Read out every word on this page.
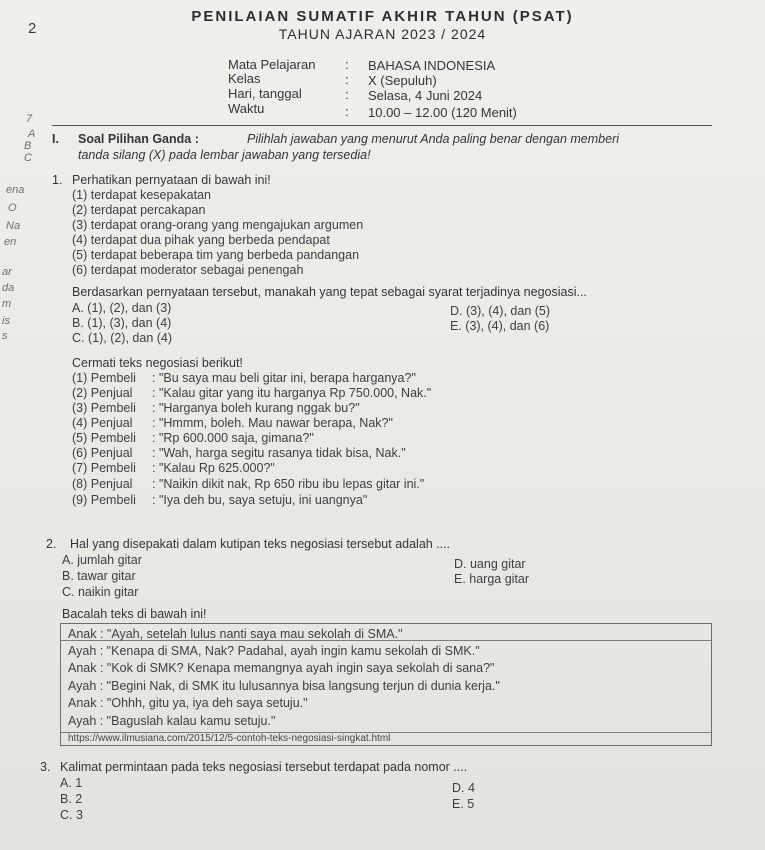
2
PENILAIAN SUMATIF AKHIR TAHUN (PSAT)
TAHUN AJARAN 2023 / 2024
Mata Pelajaran : BAHASA INDONESIA
Kelas	: X (Sepuluh)
Hari, tanggal	: Selasa, 4 Juni 2024
Waktu	: 10.00 – 12.00 (120 Menit)
7
A
B
C
ena
O
Na
en
ar
da
m
is
s
I. Soal Pilihan Ganda :	Pilihlah jawaban yang menurut Anda paling benar dengan memberi
tanda silang (X) pada lembar jawaban yang tersedia!
1. Perhatikan pernyataan di bawah ini!
(1) terdapat kesepakatan
(2) terdapat percakapan
(3) terdapat orang-orang yang mengajukan argumen
(4) terdapat dua pihak yang berbeda pendapat
(5) terdapat beberapa tim yang berbeda pandangan
(6) terdapat moderator sebagai penengah
Berdasarkan pernyataan tersebut, manakah yang tepat sebagai syarat terjadinya negosiasi...
A. (1), (2), dan (3)
B. (1), (3), dan (4)
C. (1), (2), dan (4)
D. (3), (4), dan (5)
E. (3), (4), dan (6)
Cermati teks negosiasi berikut!
(1) Pembeli : "Bu saya mau beli gitar ini, berapa harganya?"
(2) Penjual : "Kalau gitar yang itu harganya Rp 750.000, Nak."
(3) Pembeli : "Harganya boleh kurang nggak bu?"
(4) Penjual : "Hmmm, boleh. Mau nawar berapa, Nak?"
(5) Pembeli : "Rp 600.000 saja, gimana?"
(6) Penjual : "Wah, harga segitu rasanya tidak bisa, Nak."
(7) Pembeli : "Kalau Rp 625.000?"
(8) Penjual : "Naikin dikit nak, Rp 650 ribu ibu lepas gitar ini."
(9) Pembeli : "Iya deh bu, saya setuju, ini uangnya"
2. Hal yang disepakati dalam kutipan teks negosiasi tersebut adalah ....
A. jumlah gitar
B. tawar gitar
C. naikin gitar
D. uang gitar
E. harga gitar
Bacalah teks di bawah ini!
Anak : "Ayah, setelah lulus nanti saya mau sekolah di SMA."
Ayah : "Kenapa di SMA, Nak? Padahal, ayah ingin kamu sekolah di SMK."
Anak : "Kok di SMK? Kenapa memangnya ayah ingin saya sekolah di sana?"
Ayah : "Begini Nak, di SMK itu lulusannya bisa langsung terjun di dunia kerja."
Anak : "Ohhh, gitu ya, iya deh saya setuju."
Ayah : "Baguslah kalau kamu setuju."
https://www.ilmusiana.com/2015/12/5-contoh-teks-negosiasi-singkat.html
3. Kalimat permintaan pada teks negosiasi tersebut terdapat pada nomor ....
A. 1
B. 2
C. 3
D. 4
E. 5
